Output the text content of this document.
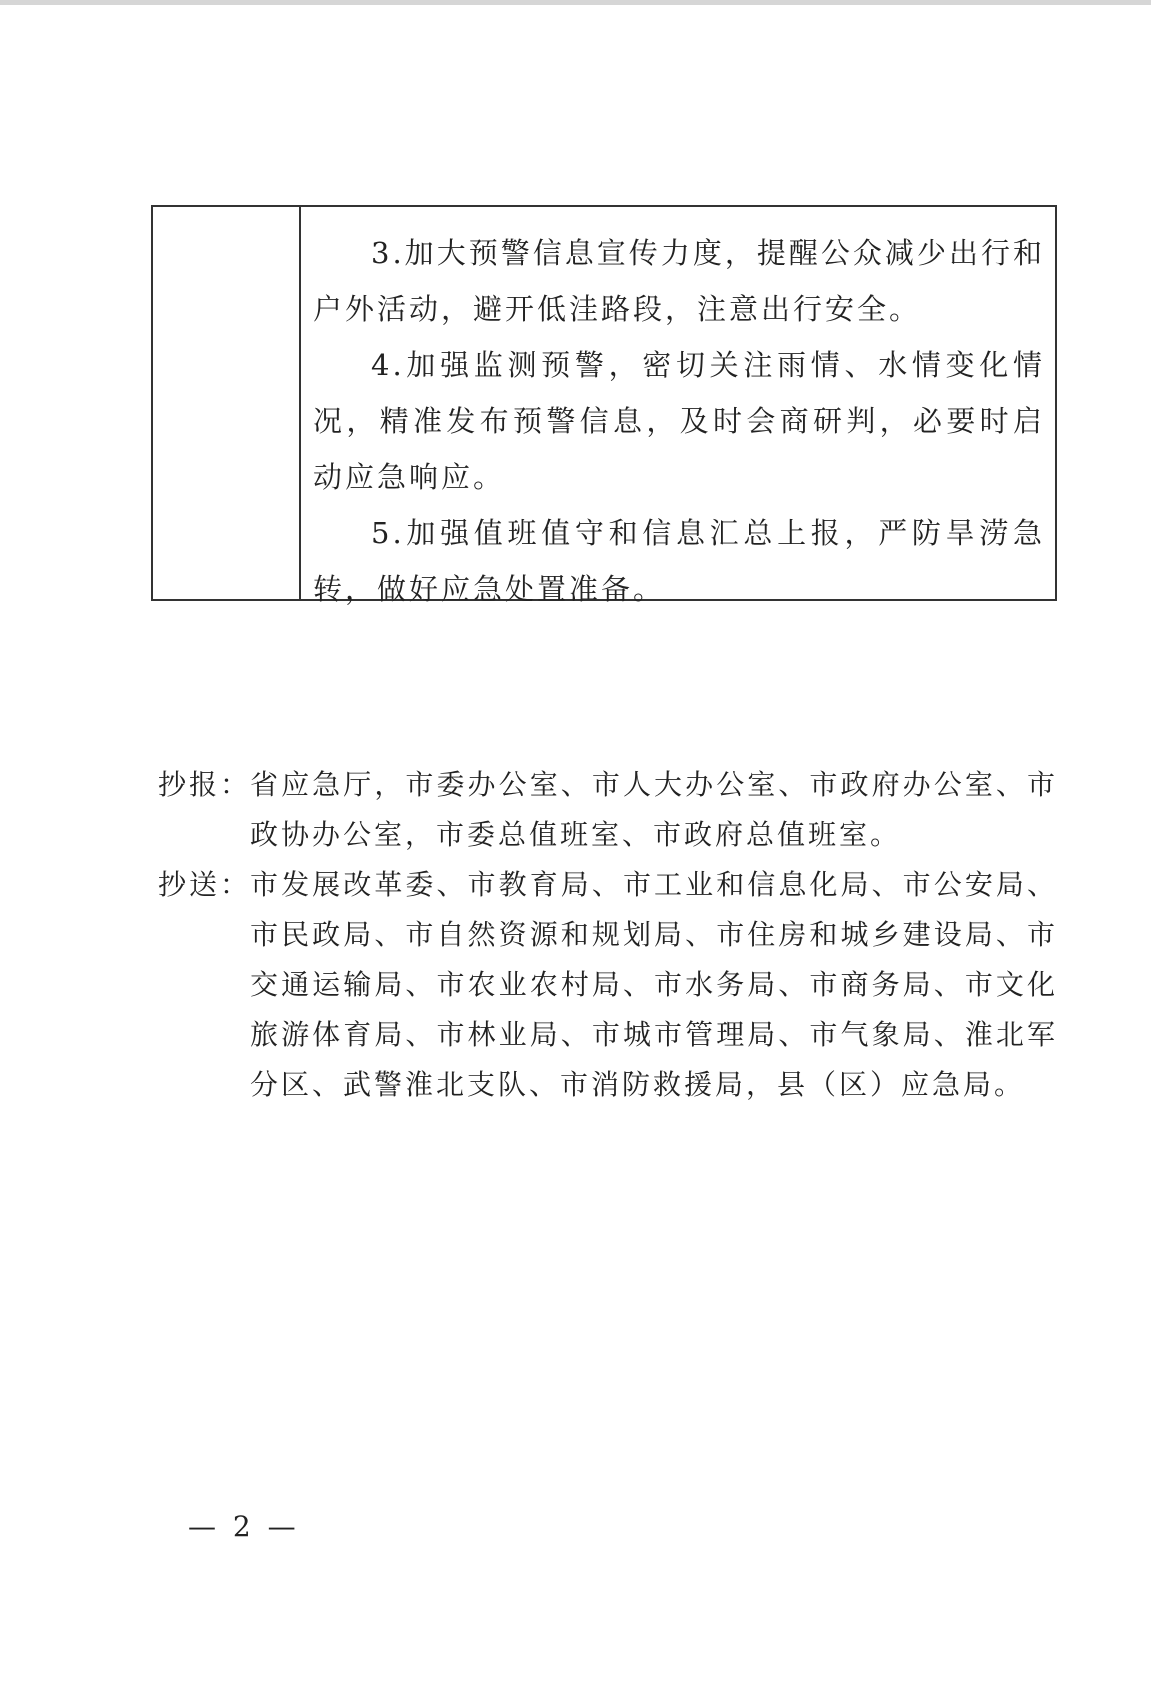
3.加大预警信息宣传力度，提醒公众减少出行和户外活动，避开低洼路段，注意出行安全。

4.加强监测预警，密切关注雨情、水情变化情况，精准发布预警信息，及时会商研判，必要时启动应急响应。

5.加强值班值守和信息汇总上报，严防旱涝急转，做好应急处置准备。

抄报：
省应急厅，市委办公室、市人大办公室、市政府办公室、市政协办公室，市委总值班室、市政府总值班室。
抄送：
市发展改革委、市教育局、市工业和信息化局、市公安局、市民政局、市自然资源和规划局、市住房和城乡建设局、市交通运输局、市农业农村局、市水务局、市商务局、市文化旅游体育局、市林业局、市城市管理局、市气象局、淮北军分区、武警淮北支队、市消防救援局，县（区）应急局。
— 2 —
